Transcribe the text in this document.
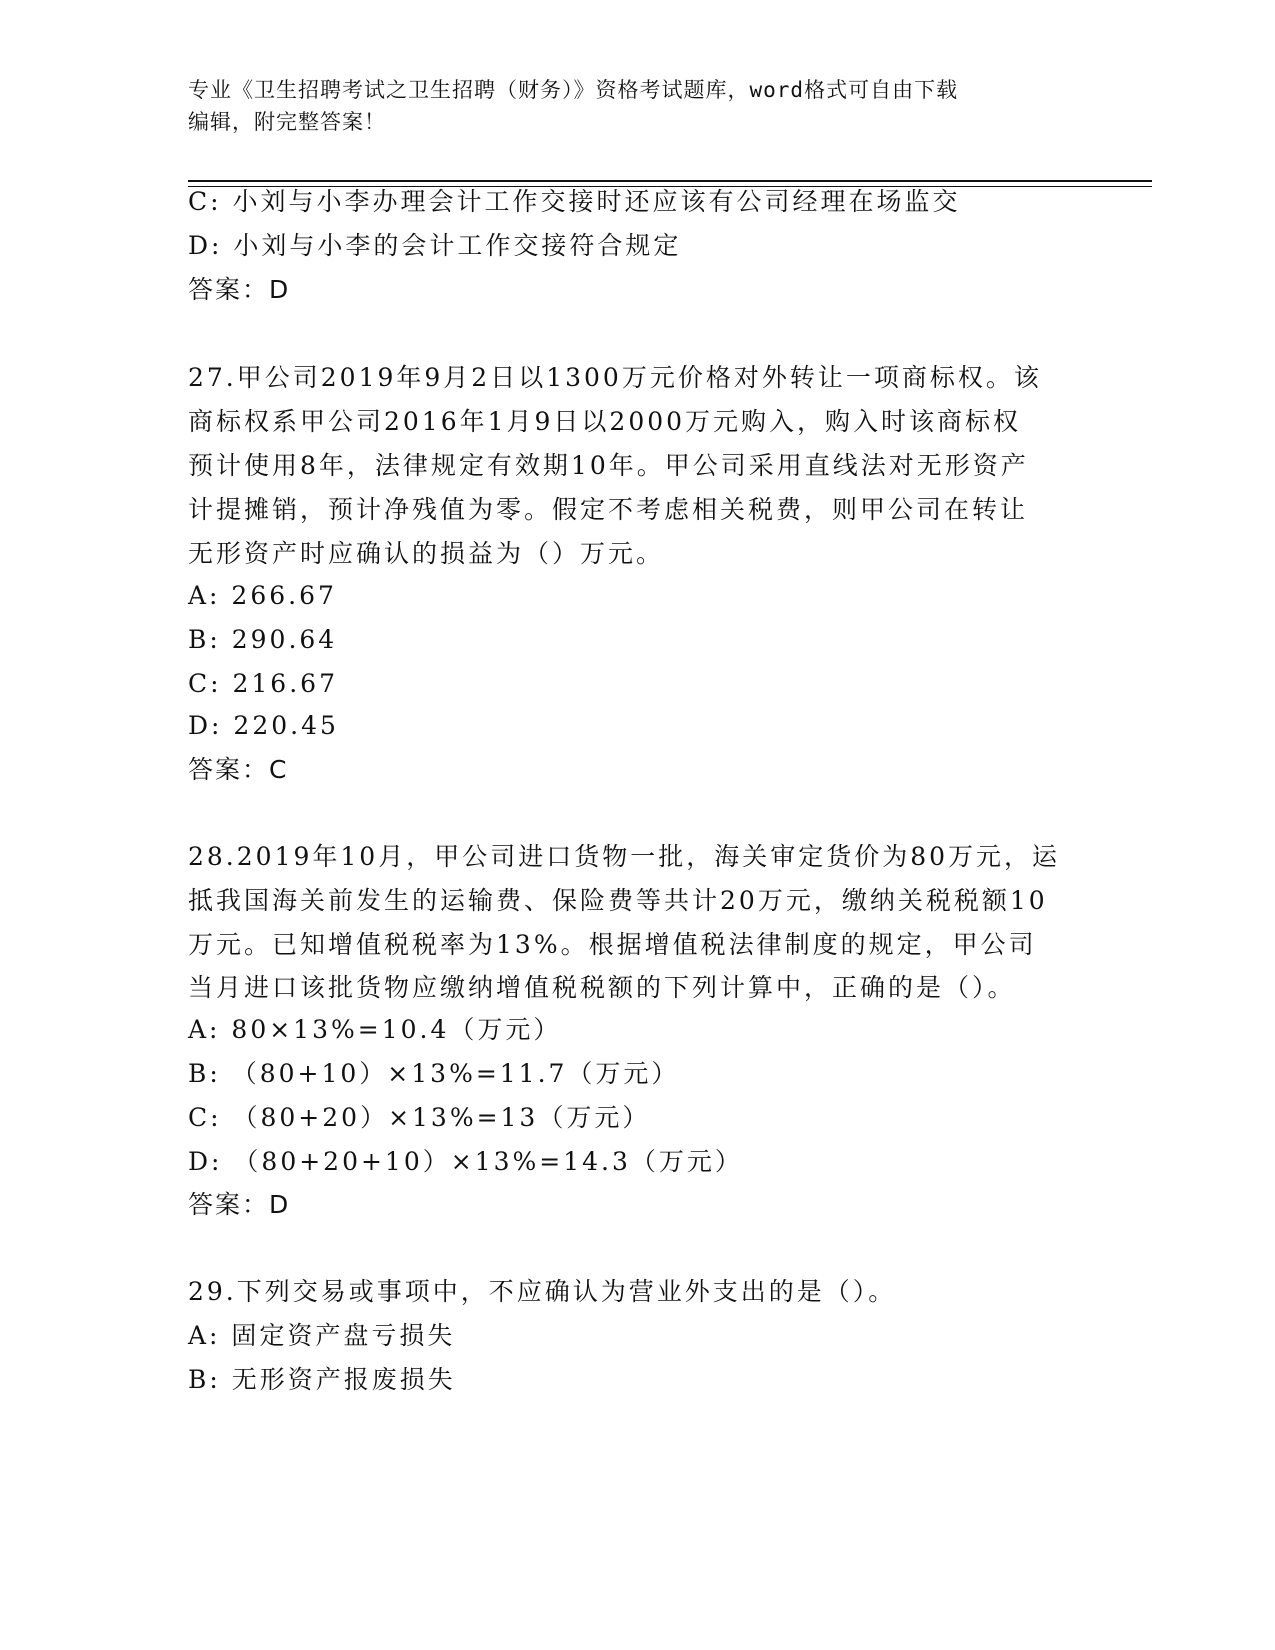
专业《卫生招聘考试之卫生招聘（财务）》资格考试题库，word格式可自由下载
编辑，附完整答案！
C: 小刘与小李办理会计工作交接时还应该有公司经理在场监交
D: 小刘与小李的会计工作交接符合规定
答案：D
27.甲公司2019年9月2日以1300万元价格对外转让一项商标权。该
商标权系甲公司2016年1月9日以2000万元购入，购入时该商标权
预计使用8年，法律规定有效期10年。甲公司采用直线法对无形资产
计提摊销，预计净残值为零。假定不考虑相关税费，则甲公司在转让
无形资产时应确认的损益为（）万元。
A: 266.67
B: 290.64
C: 216.67
D: 220.45
答案：C
28.2019年10月，甲公司进口货物一批，海关审定货价为80万元，运
抵我国海关前发生的运输费、保险费等共计20万元，缴纳关税税额10
万元。已知增值税税率为13%。根据增值税法律制度的规定，甲公司
当月进口该批货物应缴纳增值税税额的下列计算中，正确的是（）。
A: 80×13%=10.4（万元）
B: （80+10）×13%=11.7（万元）
C: （80+20）×13%=13（万元）
D: （80+20+10）×13%=14.3（万元）
答案：D
29.下列交易或事项中，不应确认为营业外支出的是（）。
A: 固定资产盘亏损失
B: 无形资产报废损失
